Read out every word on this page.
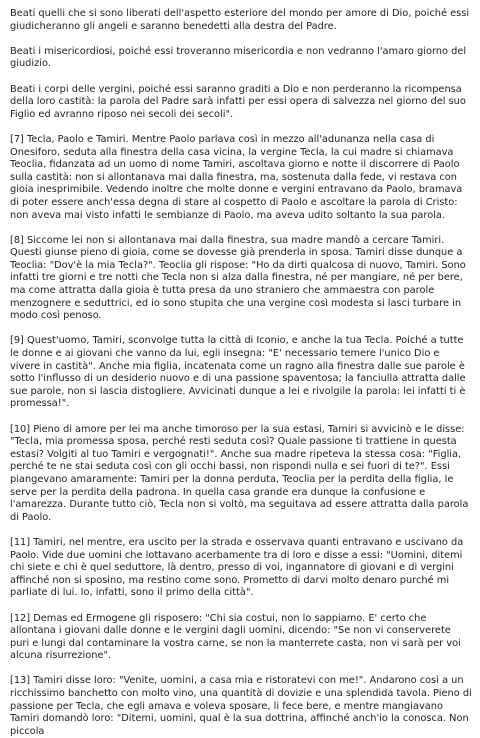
Beati quelli che si sono liberati dell'aspetto esteriore del mondo per amore di Dio, poiché essi giudicheranno gli angeli e saranno benedetti alla destra del Padre.

Beati i misericordiosi, poiché essi troveranno misericordia e non vedranno l'amaro giorno del giudizio.

Beati i corpi delle vergini, poiché essi saranno graditi a Dio e non perderanno la ricompensa della loro castità: la parola del Padre sarà infatti per essi opera di salvezza nel giorno del suo Figlio ed avranno riposo nei secoli dei secoli".

[7] Tecla, Paolo e Tamiri. Mentre Paolo parlava così in mezzo all'adunanza nella casa di Onesiforo, seduta alla finestra della casa vicina, la vergine Tecla, la cui madre si chiamava Teoclia, fidanzata ad un uomo di nome Tamiri, ascoltava giorno e notte il discorrere di Paolo sulla castità: non si allontanava mai dalla finestra, ma, sostenuta dalla fede, vi restava con gioia inesprimibile. Vedendo inoltre che molte donne e vergini entravano da Paolo, bramava di poter essere anch'essa degna di stare al cospetto di Paolo e ascoltare la parola di Cristo: non aveva mai visto infatti le sembianze di Paolo, ma aveva udito soltanto la sua parola.

[8] Siccome lei non si allontanava mai dalla finestra, sua madre mandò a cercare Tamiri. Questi giunse pieno di gioia, come se dovesse già prenderla in sposa. Tamiri disse dunque a Teoclia: "Dov'è la mia Tecla?". Teoclia gli rispose: "Ho da dirti qualcosa di nuovo, Tamiri. Sono infatti tre giorni e tre notti che Tecla non si alza dalla finestra, né per mangiare, né per bere, ma come attratta dalla gioia è tutta presa da uno straniero che ammaestra con parole menzognere e seduttrici, ed io sono stupita che una vergine così modesta si lasci turbare in modo così penoso.

[9] Quest'uomo, Tamiri, sconvolge tutta la città di Iconio, e anche la tua Tecla. Poiché a tutte le donne e ai giovani che vanno da lui, egli insegna: "E' necessario temere l'unico Dio e vivere in castità". Anche mia figlia, incatenata come un ragno alla finestra dalle sue parole è sotto l'influsso di un desiderio nuovo e di una passione spaventosa; la fanciulla attratta dalle sue parole, non si lascia distogliere. Avvicinati dunque a lei e rivolgile la parola: lei infatti ti è promessa!".

[10] Pieno di amore per lei ma anche timoroso per la sua estasi, Tamiri si avvicinò e le disse: "Tecla, mia promessa sposa, perché resti seduta così? Quale passione ti trattiene in questa estasi? Volgiti al tuo Tamiri e vergognati!". Anche sua madre ripeteva la stessa cosa: "Figlia, perché te ne stai seduta così con gli occhi bassi, non rispondi nulla e sei fuori di te?". Essi piangevano amaramente: Tamiri per la donna perduta, Teoclia per la perdita della figlia, le serve per la perdita della padrona. In quella casa grande era dunque la confusione e l'amarezza. Durante tutto ciò, Tecla non si voltò, ma seguitava ad essere attratta dalla parola di Paolo.

[11] Tamiri, nel mentre, era uscito per la strada e osservava quanti entravano e uscivano da Paolo. Vide due uomini che lottavano acerbamente tra di loro e disse a essi: "Uomini, ditemi chi siete e chi è quel seduttore, là dentro, presso di voi, ingannatore di giovani e di vergini affinché non si sposino, ma restino come sono. Prometto di darvi molto denaro purché mi parliate di lui. Io, infatti, sono il primo della città".

[12] Demas ed Ermogene gli risposero: "Chi sia costui, non lo sappiamo. E' certo che allontana i giovani dalle donne e le vergini dagli uomini, dicendo: "Se non vi conserverete puri e lungi dal contaminare la vostra carne, se non la manterrete casta, non vi sarà per voi alcuna risurrezione".

[13] Tamiri disse loro: "Venite, uomini, a casa mia e ristoratevi con me!". Andarono così a un ricchissimo banchetto con molto vino, una quantità di dovizie e una splendida tavola. Pieno di passione per Tecla, che egli amava e voleva sposare, li fece bere, e mentre mangiavano Tamiri domandò loro: "Ditemi, uomini, qual è la sua dottrina, affinché anch'io la conosca. Non piccola
